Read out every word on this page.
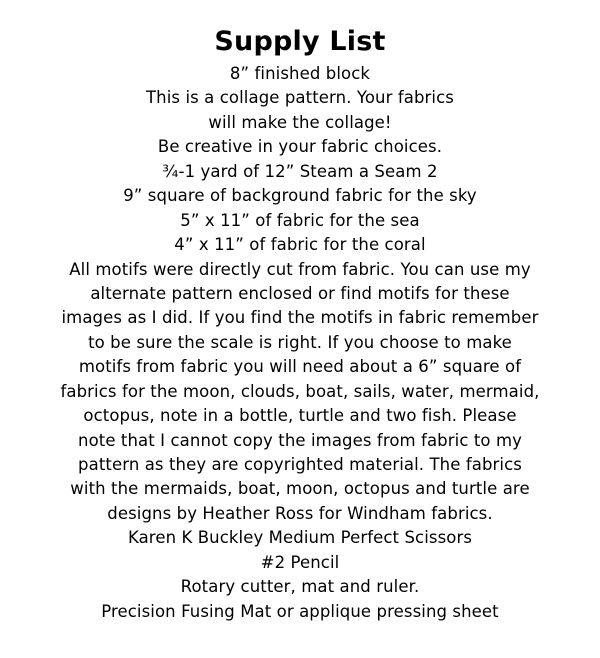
Supply List
8” finished block
This is a collage pattern. Your fabrics
will make the collage!
Be creative in your fabric choices.
¾-1 yard of 12” Steam a Seam 2
9” square of background fabric for the sky
5” x 11” of fabric for the sea
4” x 11” of fabric for the coral
All motifs were directly cut from fabric. You can use my
alternate pattern enclosed or find motifs for these
images as I did. If you find the motifs in fabric remember
to be sure the scale is right. If you choose to make
motifs from fabric you will need about a 6” square of
fabrics for the moon, clouds, boat, sails, water, mermaid,
octopus, note in a bottle, turtle and two fish. Please
note that I cannot copy the images from fabric to my
pattern as they are copyrighted material. The fabrics
with the mermaids, boat, moon, octopus and turtle are
designs by Heather Ross for Windham fabrics.
Karen K Buckley Medium Perfect Scissors
#2 Pencil
Rotary cutter, mat and ruler.
Precision Fusing Mat or applique pressing sheet
